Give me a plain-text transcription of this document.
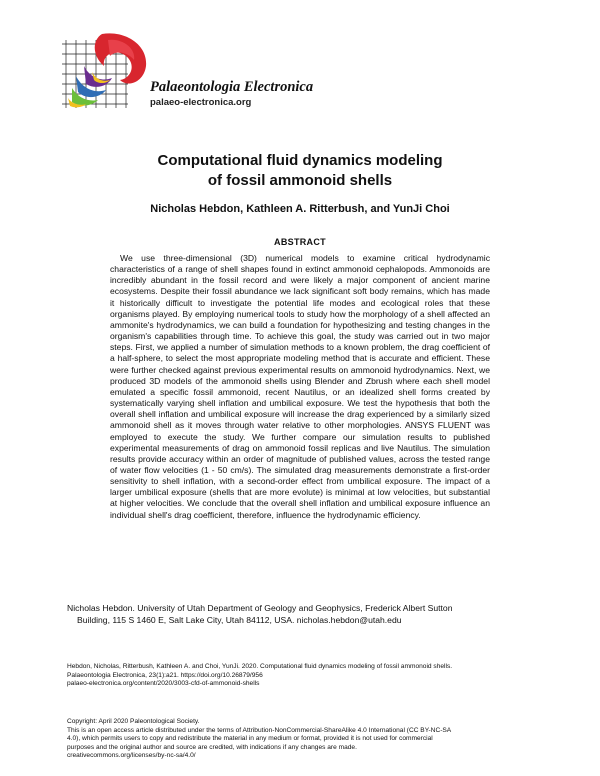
Palaeontologia Electronica
palaeo-electronica.org
Computational fluid dynamics modeling
of fossil ammonoid shells
Nicholas Hebdon, Kathleen A. Ritterbush, and YunJi Choi
ABSTRACT

We use three-dimensional (3D) numerical models to examine critical hydrodynamic characteristics of a range of shell shapes found in extinct ammonoid cephalopods. Ammonoids are incredibly abundant in the fossil record and were likely a major component of ancient marine ecosystems. Despite their fossil abundance we lack significant soft body remains, which has made it historically difficult to investigate the potential life modes and ecological roles that these organisms played. By employing numerical tools to study how the morphology of a shell affected an ammonite's hydrodynamics, we can build a foundation for hypothesizing and testing changes in the organism's capabilities through time. To achieve this goal, the study was carried out in two major steps. First, we applied a number of simulation methods to a known problem, the drag coefficient of a half-sphere, to select the most appropriate modeling method that is accurate and efficient. These were further checked against previous experimental results on ammonoid hydrodynamics. Next, we produced 3D models of the ammonoid shells using Blender and Zbrush where each shell model emulated a specific fossil ammonoid, recent Nautilus, or an idealized shell forms created by systematically varying shell inflation and umbilical exposure. We test the hypothesis that both the overall shell inflation and umbilical exposure will increase the drag experienced by a similarly sized ammonoid shell as it moves through water relative to other morphologies. ANSYS FLUENT was employed to execute the study. We further compare our simulation results to published experimental measurements of drag on ammonoid fossil replicas and live Nautilus. The simulation results provide accuracy within an order of magnitude of published values, across the tested range of water flow velocities (1 - 50 cm/s). The simulated drag measurements demonstrate a first-order sensitivity to shell inflation, with a second-order effect from umbilical exposure. The impact of a larger umbilical exposure (shells that are more evolute) is minimal at low velocities, but substantial at higher velocities. We conclude that the overall shell inflation and umbilical exposure influence an individual shell's drag coefficient, therefore, influence the hydrodynamic efficiency.

Nicholas Hebdon. University of Utah Department of Geology and Geophysics, Frederick Albert Sutton
Building, 115 S 1460 E, Salt Lake City, Utah 84112, USA. nicholas.hebdon@utah.edu
Hebdon, Nicholas, Ritterbush, Kathleen A. and Choi, YunJi. 2020. Computational fluid dynamics modeling of fossil ammonoid shells.
Palaeontologia Electronica, 23(1):a21. https://doi.org/10.26879/956
palaeo-electronica.org/content/2020/3003-cfd-of-ammonoid-shells
Copyright: April 2020 Paleontological Society.
This is an open access article distributed under the terms of Attribution-NonCommercial-ShareAlike 4.0 International (CC BY-NC-SA
4.0), which permits users to copy and redistribute the material in any medium or format, provided it is not used for commercial
purposes and the original author and source are credited, with indications if any changes are made.
creativecommons.org/licenses/by-nc-sa/4.0/
